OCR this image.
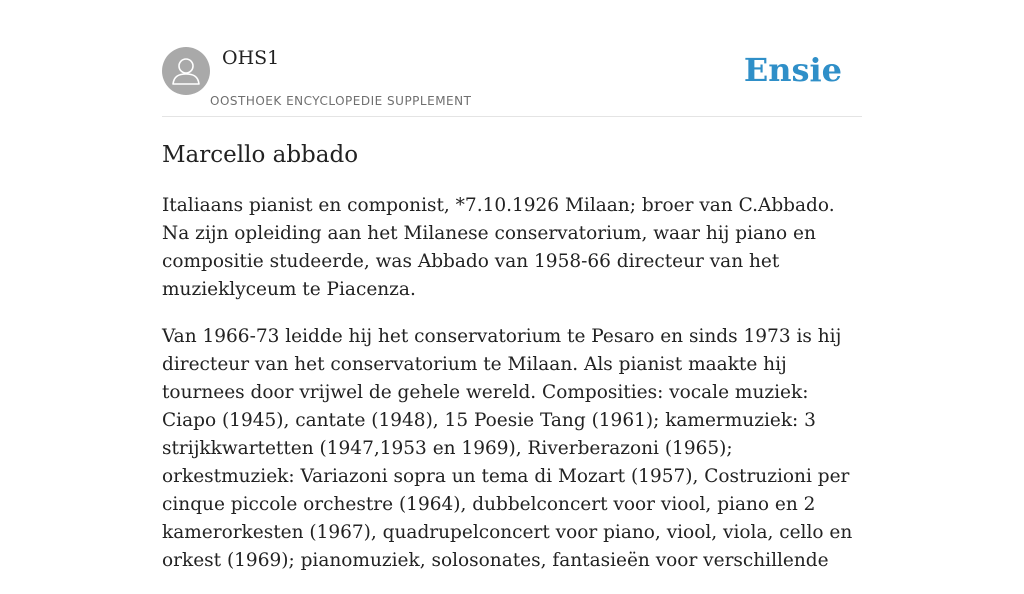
OHS1
OOSTHOEK ENCYCLOPEDIE SUPPLEMENT
Ensie
Marcello abbado

Italiaans pianist en componist, *7.10.1926 Milaan; broer van C.Abbado. Na zijn opleiding aan het Milanese conservatorium, waar hij piano en compositie studeerde, was Abbado van 1958-66 directeur van het muzieklyceum te Piacenza.

Van 1966-73 leidde hij het conservatorium te Pesaro en sinds 1973 is hij directeur van het conservatorium te Milaan. Als pianist maakte hij tournees door vrijwel de gehele wereld. Composities: vocale muziek: Ciapo (1945), cantate (1948), 15 Poesie Tang (1961); kamermuziek: 3 strijkkwartetten (1947,1953 en 1969), Riverberazoni (1965); orkestmuziek: Variazoni sopra un tema di Mozart (1957), Costruzioni per cinque piccole orchestre (1964), dubbelconcert voor viool, piano en 2 kamerorkesten (1967), quadrupelconcert voor piano, viool, viola, cello en orkest (1969); pianomuziek, solosonates, fantasieën voor verschillende
